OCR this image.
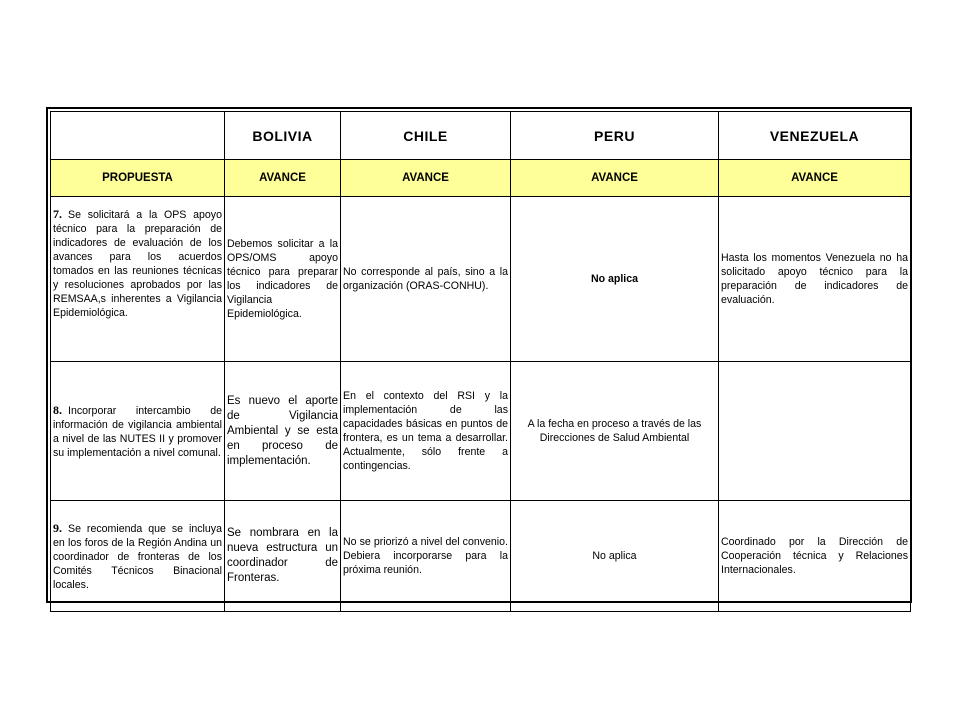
	BOLIVIA	CHILE	PERU	VENEZUELA
PROPUESTA	AVANCE	AVANCE	AVANCE	AVANCE
7. Se solicitará a la OPS apoyo técnico para la preparación de indicadores de evaluación de los avances para los acuerdos tomados en las reuniones técnicas y resoluciones aprobados por las REMSAA,s inherentes a Vigilancia Epidemiológica.	Debemos solicitar a la OPS/OMS apoyo técnico para preparar los indicadores de Vigilancia Epidemiológica.	No corresponde al país, sino a la organización (ORAS-CONHU).	No aplica	Hasta los momentos Venezuela no ha solicitado apoyo técnico para la preparación de indicadores de evaluación.
8. Incorporar intercambio de información de vigilancia ambiental a nivel de las NUTES II y promover su implementación a nivel comunal.	Es nuevo el aporte de Vigilancia Ambiental y se esta en proceso de implementación.	En el contexto del RSI y la implementación de las capacidades básicas en puntos de frontera, es un tema a desarrollar. Actualmente, sólo frente a contingencias.	A la fecha en proceso a través de las Direcciones de Salud Ambiental	
9. Se recomienda que se incluya en los foros de la Región Andina un coordinador de fronteras de los Comités Técnicos Binacional locales.	Se nombrara en la nueva estructura un coordinador de Fronteras.	No se priorizó a nivel del convenio. Debiera incorporarse para la próxima reunión.	No aplica	Coordinado por la Dirección de Cooperación técnica y Relaciones Internacionales.
